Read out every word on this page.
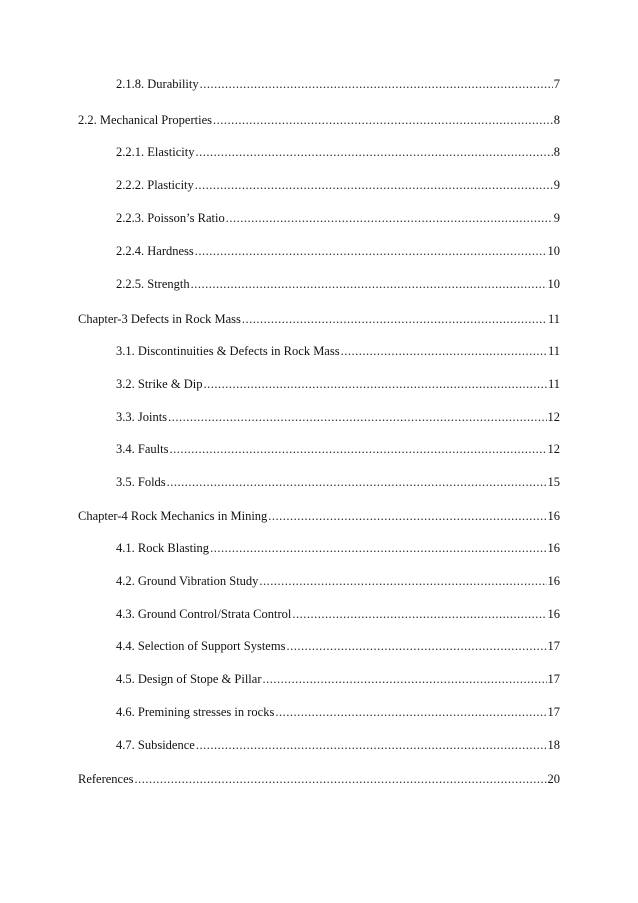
2.1.8. Durability .....	7
2.2. Mechanical Properties .....	8
2.2.1. Elasticity .....	8
2.2.2. Plasticity .....	9
2.2.3. Poisson’s Ratio .....	9
2.2.4. Hardness .....	10
2.2.5. Strength .....	10
Chapter-3 Defects in Rock Mass .....	11
3.1. Discontinuities & Defects in Rock Mass .....	11
3.2. Strike & Dip .....	11
3.3. Joints .....	12
3.4. Faults .....	12
3.5. Folds .....	15
Chapter-4 Rock Mechanics in Mining .....	16
4.1. Rock Blasting .....	16
4.2. Ground Vibration Study .....	16
4.3. Ground Control/Strata Control .....	16
4.4. Selection of Support Systems .....	17
4.5. Design of Stope & Pillar .....	17
4.6. Premining stresses in rocks .....	17
4.7. Subsidence .....	18
References .....	20
